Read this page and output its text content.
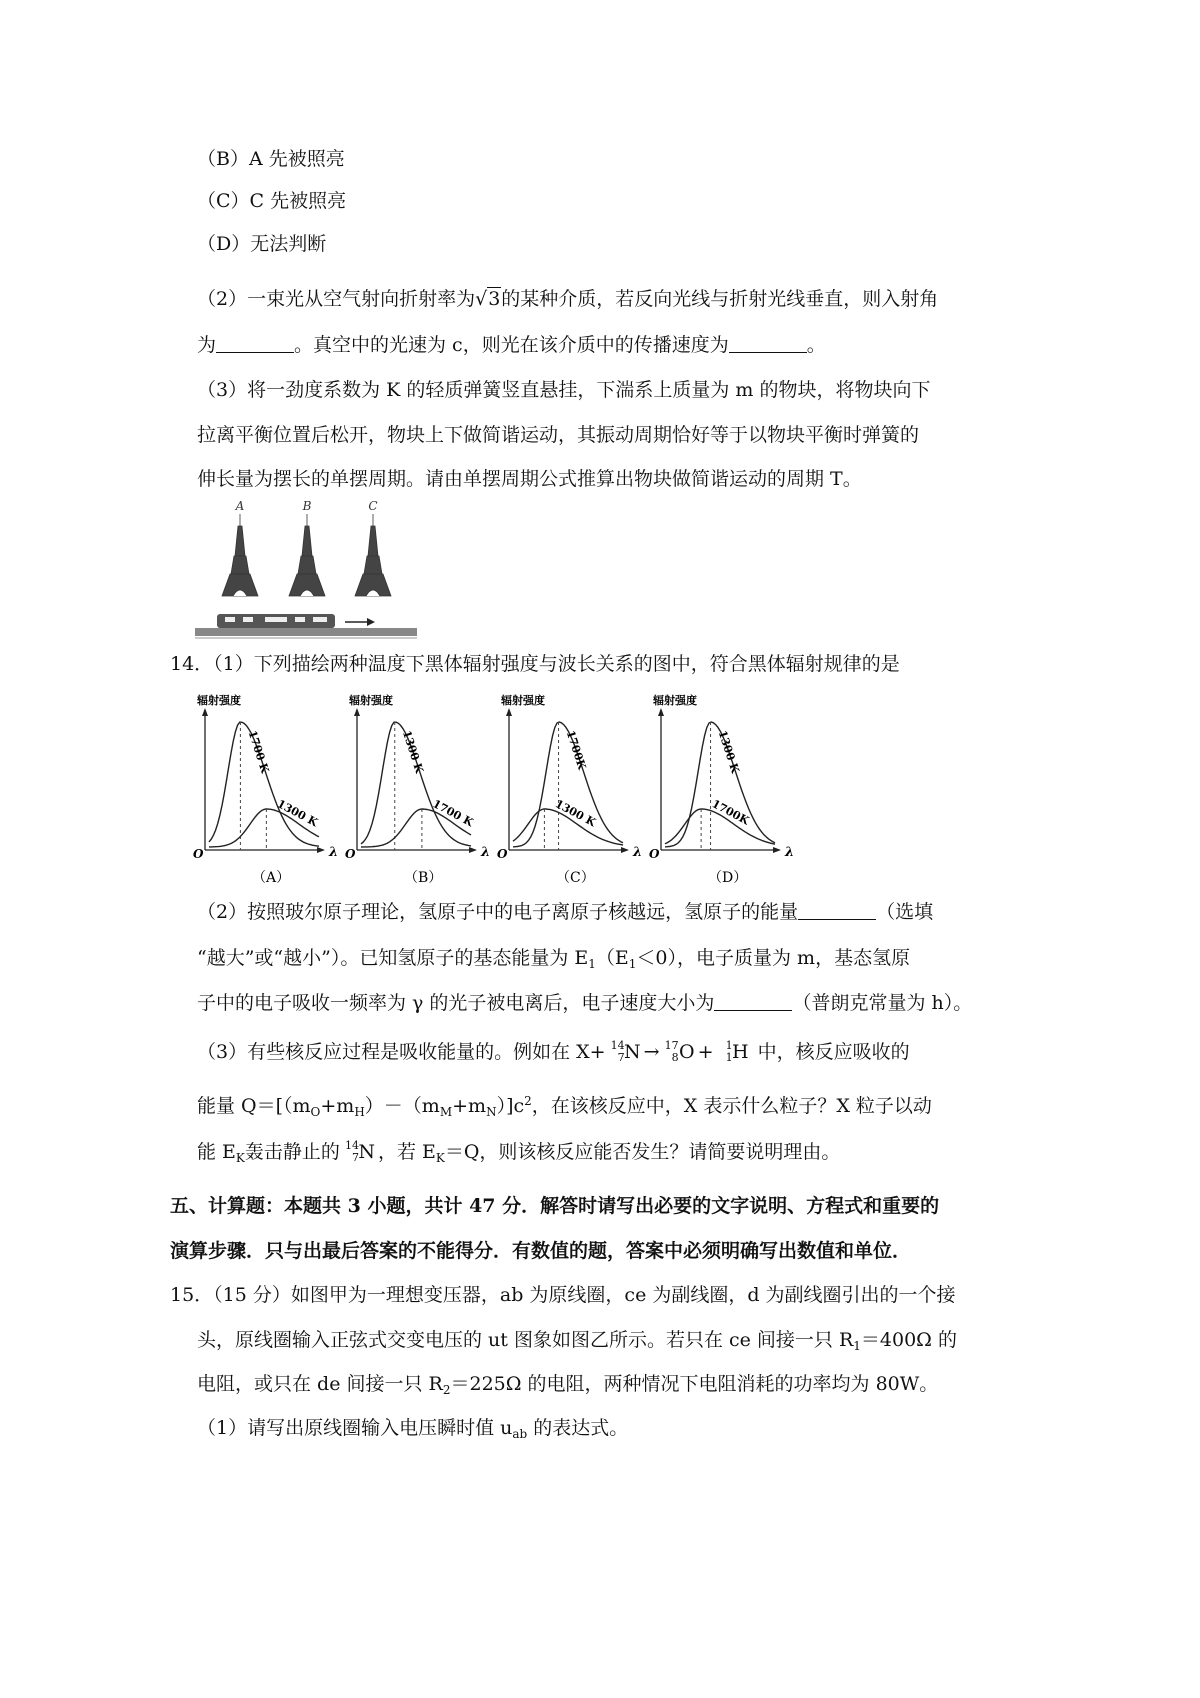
（B）A 先被照亮
（C）C 先被照亮
（D）无法判断
（2）一束光从空气射向折射率为√3的某种介质，若反向光线与折射光线垂直，则入射角
为	。真空中的光速为 c，则光在该介质中的传播速度为	。
（3）将一劲度系数为 K 的轻质弹簧竖直悬挂，下湍系上质量为 m 的物块，将物块向下
拉离平衡位置后松开，物块上下做简谐运动，其振动周期恰好等于以物块平衡时弹簧的
伸长量为摆长的单摆周期。请由单摆周期公式推算出物块做简谐运动的周期 T。
A	B	C
14．（1）下列描绘两种温度下黑体辐射强度与波长关系的图中，符合黑体辐射规律的是
辐射强度
λ
O
1700 K
1300 K
（A）
辐射强度
λ
O
1300 K
1700 K
（B）
辐射强度
λ
O
1700K
1300 K
（C）
辐射强度
λ
O
1300 K
1700K
（D）
（2）按照玻尔原子理论，氢原子中的电子离原子核越远，氢原子的能量	（选填
“越大”或“越小”）。已知氢原子的基态能量为 $E_1(E_1<0)$，电子质量为 m，基态氢原
子中的电子吸收一频率为 γ 的光子被电离后，电子速度大小为	（普朗克常量为 h）。
（3）有些核反应过程是吸收能量的。例如在 X+ 14
7 N → 17
8 O + 1
1 H 中，核反应吸收的
能量 $Q=[(m_O+m_H)-(m_M+m_N)]c^2$，在该核反应中，X 表示什么粒子？X 粒子以动
能 $E_K$轰击静止的 14
7 N ，若 $E_K=Q$，则该核反应能否发生？请简要说明理由。
五、计算题：本题共 3 小题，共计 47 分．解答时请写出必要的文字说明、方程式和重要的
演算步骤．只与出最后答案的不能得分．有数值的题，答案中必须明确写出数值和单位．
15．（15 分）如图甲为一理想变压器，ab 为原线圈，ce 为副线圈，d 为副线圈引出的一个接
头，原线圈输入正弦式交变电压的 ut 图象如图乙所示。若只在 ce 间接一只 $R_1=400\Omega$ 的
电阻，或只在 de 间接一只 $R_2=225\Omega$ 的电阻，两种情况下电阻消耗的功率均为 80W。
（1）请写出原线圈输入电压瞬时值 $u_{ab}$ 的表达式。
